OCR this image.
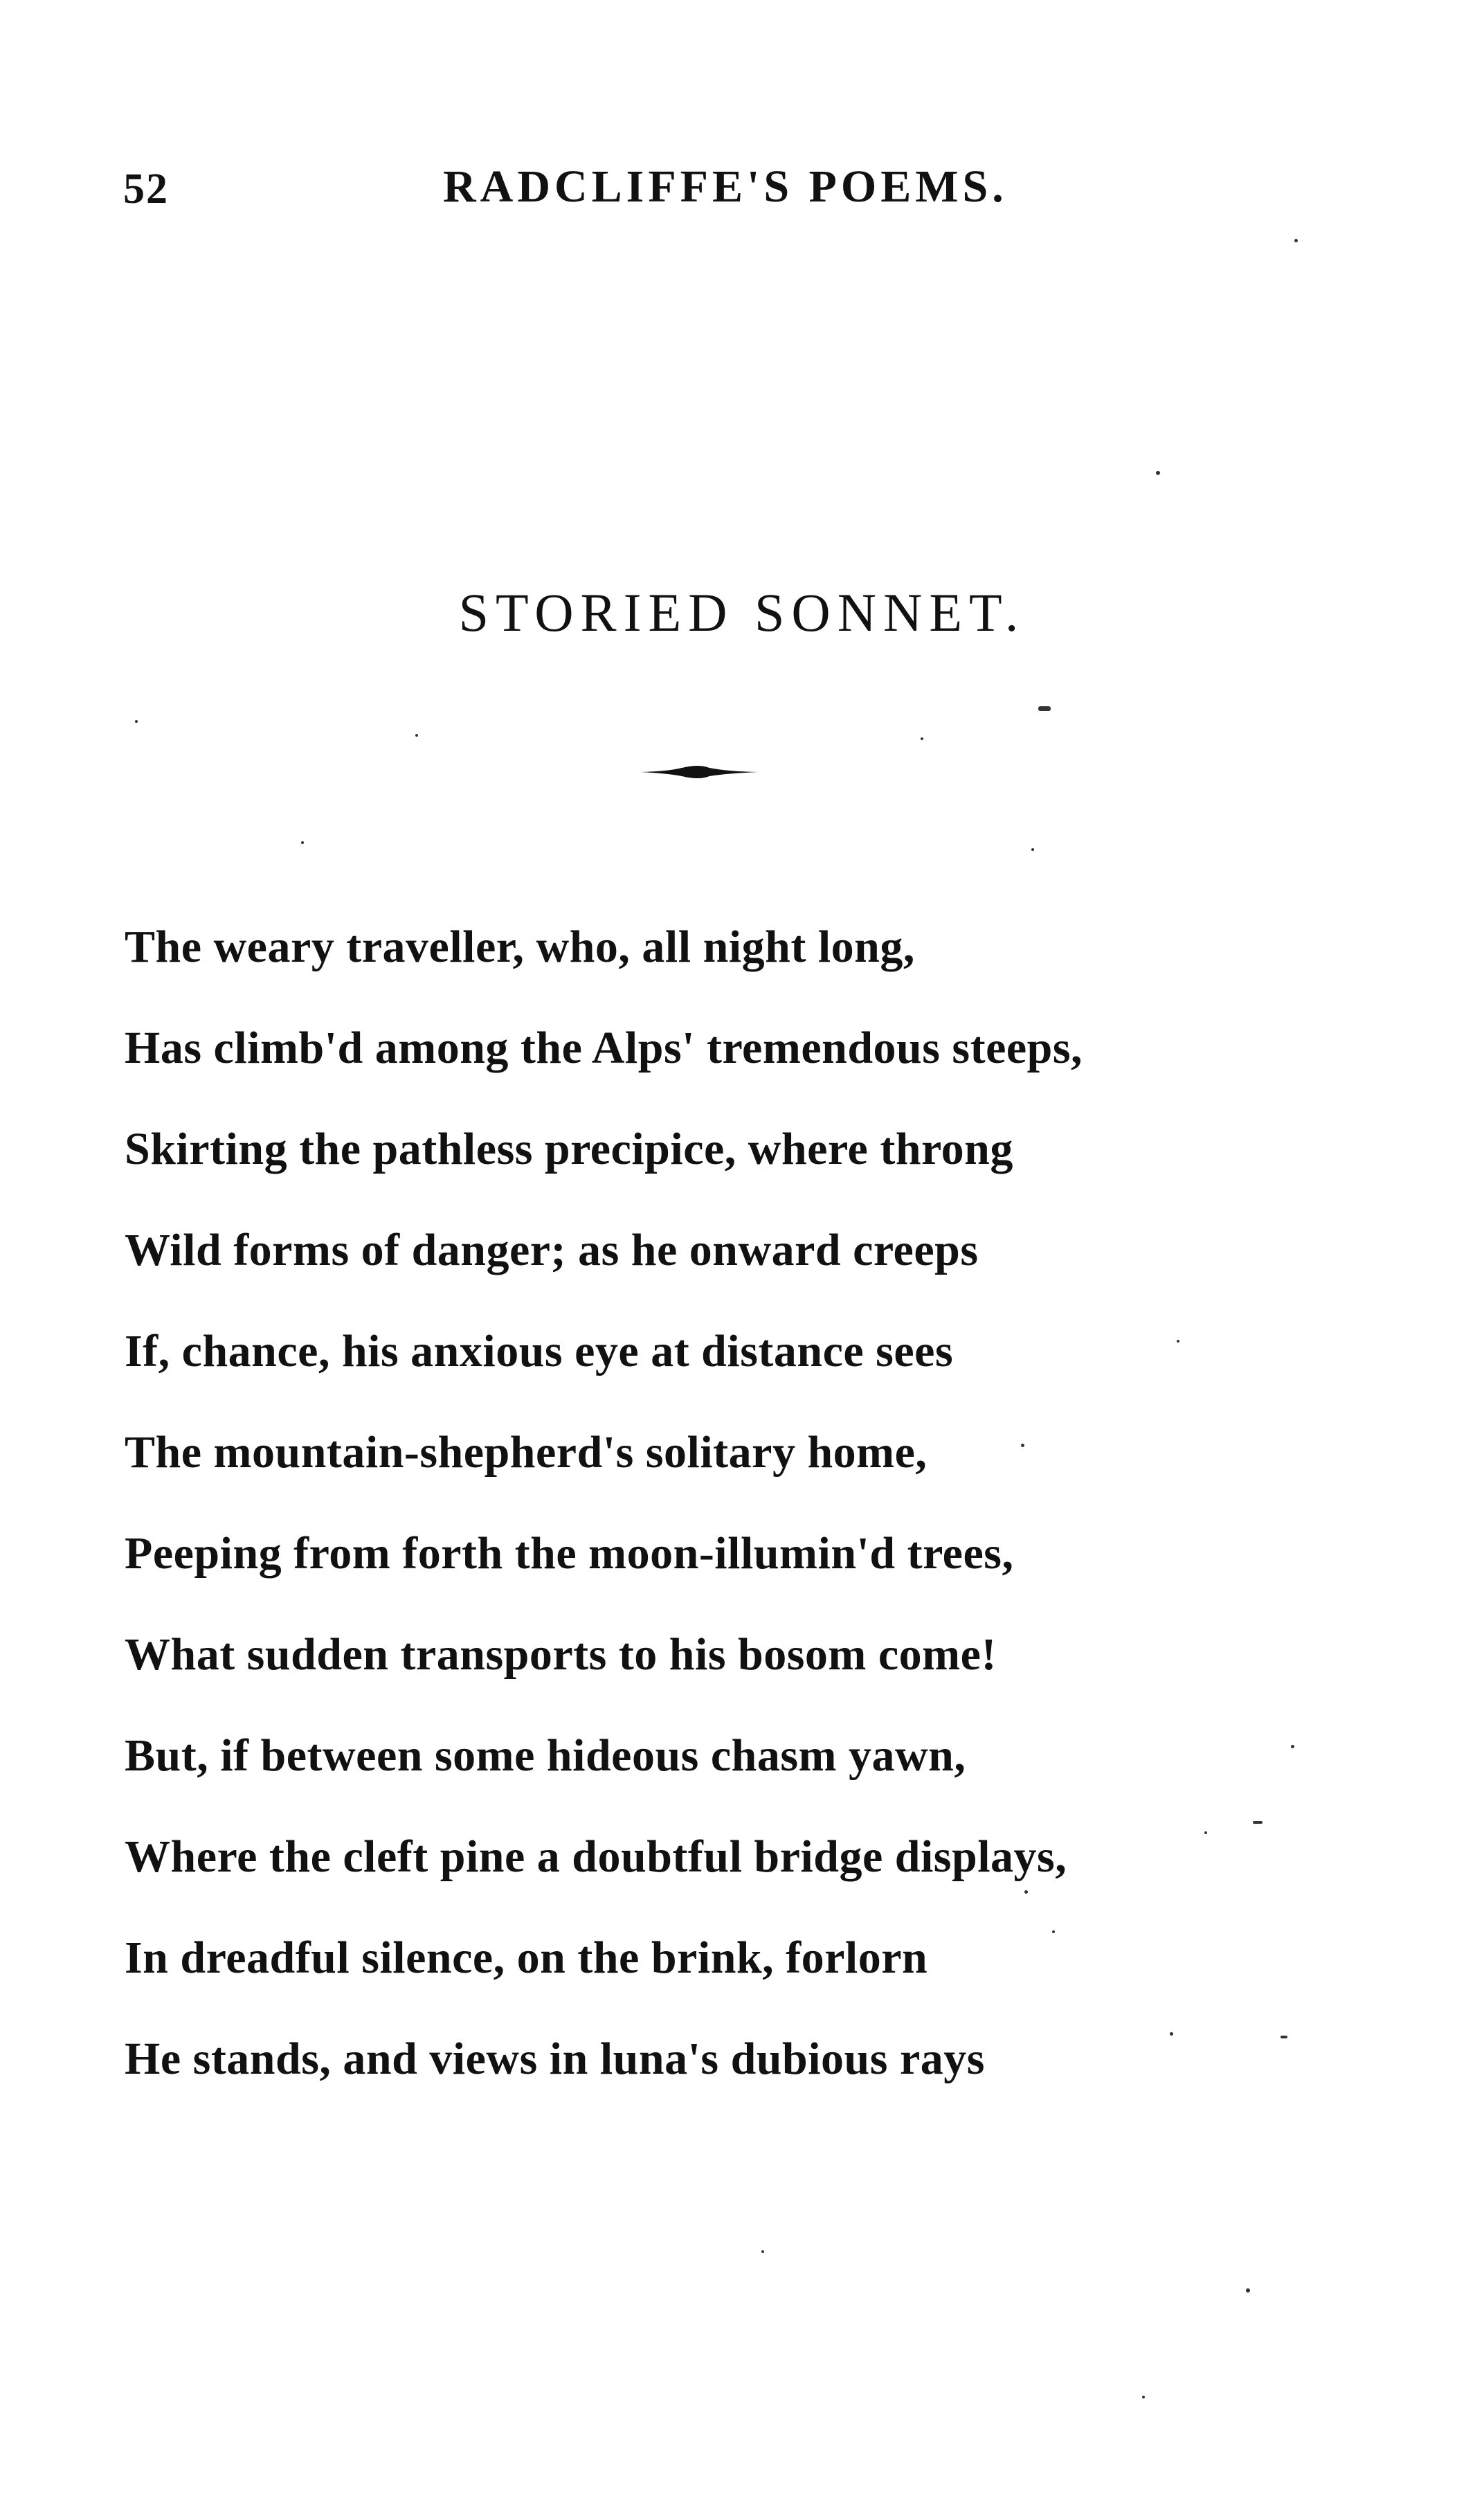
52	RADCLIFFE'S POEMS.
STORIED SONNET.
The weary traveller, who, all night long,
Has climb'd among the Alps' tremendous steeps,
Skirting the pathless precipice, where throng
Wild forms of danger; as he onward creeps
If, chance, his anxious eye at distance sees
The mountain-shepherd's solitary home,
Peeping from forth the moon-illumin'd trees,
What sudden transports to his bosom come!
But, if between some hideous chasm yawn,
Where the cleft pine a doubtful bridge displays,
In dreadful silence, on the brink, forlorn
He stands, and views in luna's dubious rays
